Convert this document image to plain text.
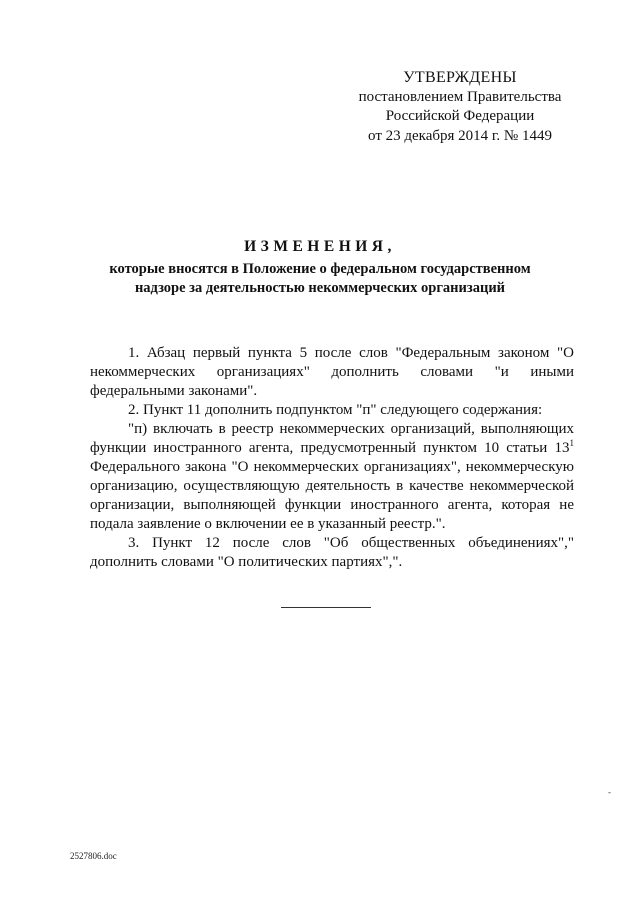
УТВЕРЖДЕНЫ
постановлением Правительства
Российской Федерации
от 23 декабря 2014 г. № 1449
ИЗМЕНЕНИЯ,
которые вносятся в Положение о федеральном государственном
надзоре за деятельностью некоммерческих организаций

1. Абзац первый пункта 5 после слов "Федеральным законом "О некоммерческих организациях" дополнить словами "и иными федеральными законами".

2. Пункт 11 дополнить подпунктом "п" следующего содержания:

"п) включать в реестр некоммерческих организаций, выполняющих функции иностранного агента, предусмотренный пунктом 10 статьи $13^1$ Федерального закона "О некоммерческих организациях", некоммерческую организацию, осуществляющую деятельность в качестве некоммерческой организации, выполняющей функции иностранного агента, которая не подала заявление о включении ее в указанный реестр.".

3. Пункт 12 после слов "Об общественных объединениях"," дополнить словами "О политических партиях",".

-
2527806.doc
